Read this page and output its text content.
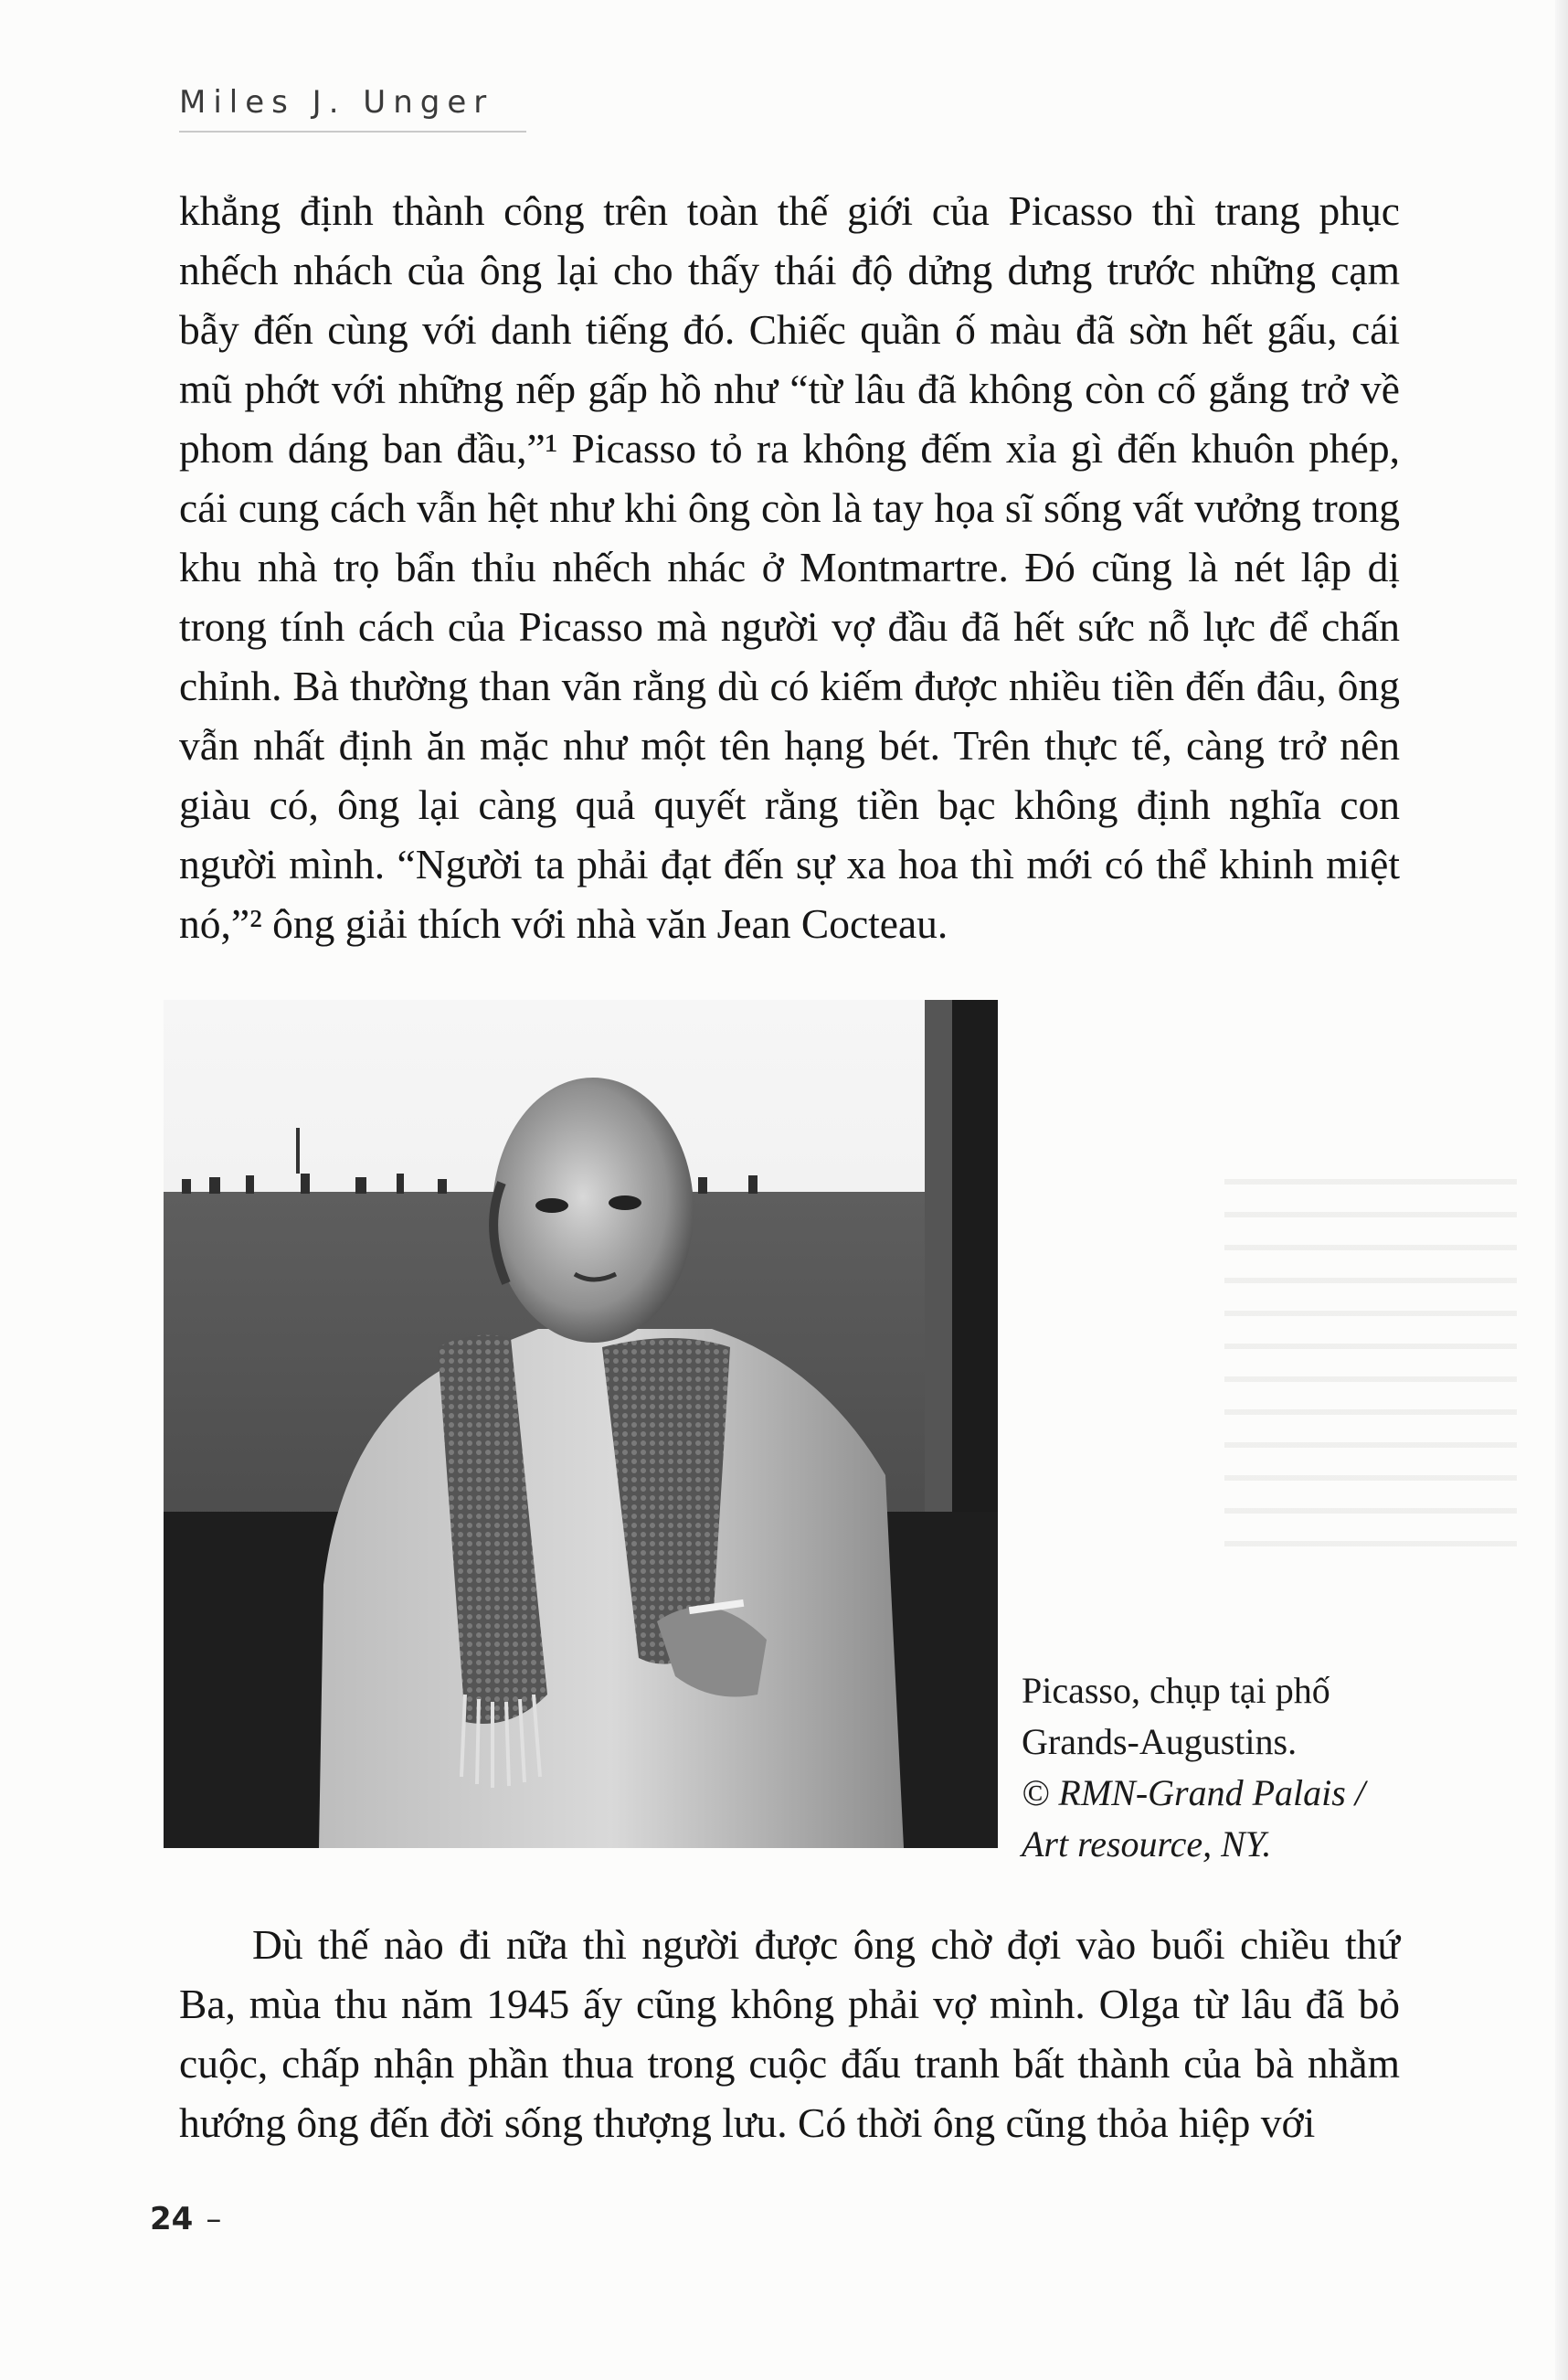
Miles J. Unger

khẳng định thành công trên toàn thế giới của Picasso thì trang phục nhếch nhách của ông lại cho thấy thái độ dửng dưng trước những cạm bẫy đến cùng với danh tiếng đó. Chiếc quần ố màu đã sờn hết gấu, cái mũ phớt với những nếp gấp hồ như “từ lâu đã không còn cố gắng trở về phom dáng ban đầu,”¹ Picasso tỏ ra không đếm xỉa gì đến khuôn phép, cái cung cách vẫn hệt như khi ông còn là tay họa sĩ sống vất vưởng trong khu nhà trọ bẩn thỉu nhếch nhác ở Montmartre. Đó cũng là nét lập dị trong tính cách của Picasso mà người vợ đầu đã hết sức nỗ lực để chấn chỉnh. Bà thường than vãn rằng dù có kiếm được nhiều tiền đến đâu, ông vẫn nhất định ăn mặc như một tên hạng bét. Trên thực tế, càng trở nên giàu có, ông lại càng quả quyết rằng tiền bạc không định nghĩa con người mình. “Người ta phải đạt đến sự xa hoa thì mới có thể khinh miệt nó,”² ông giải thích với nhà văn Jean Cocteau.

Picasso, chụp tại phố
Grands-Augustins.
© RMN-Grand Palais /
Art resource, NY.

Dù thế nào đi nữa thì người được ông chờ đợi vào buổi chiều thứ Ba, mùa thu năm 1945 ấy cũng không phải vợ mình. Olga từ lâu đã bỏ cuộc, chấp nhận phần thua trong cuộc đấu tranh bất thành của bà nhằm hướng ông đến đời sống thượng lưu. Có thời ông cũng thỏa hiệp với

24 –
